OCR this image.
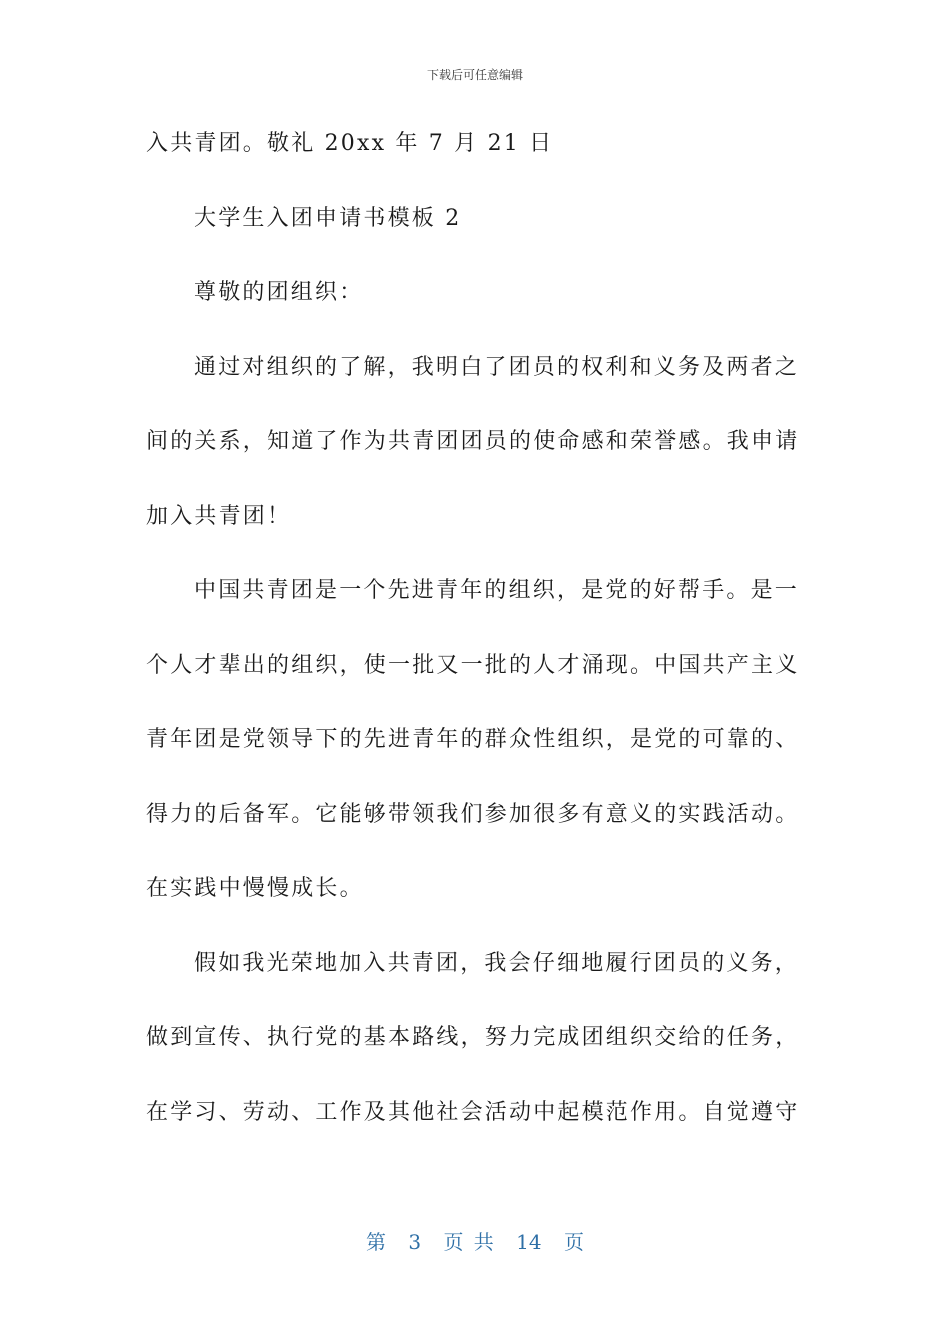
下载后可任意编辑
入共青团。敬礼 20xx 年 7 月 21 日
大学生入团申请书模板 2
尊敬的团组织：
通过对组织的了解，我明白了团员的权利和义务及两者之
间的关系，知道了作为共青团团员的使命感和荣誉感。我申请
加入共青团！
中国共青团是一个先进青年的组织，是党的好帮手。是一
个人才辈出的组织，使一批又一批的人才涌现。中国共产主义
青年团是党领导下的先进青年的群众性组织，是党的可靠的、
得力的后备军。它能够带领我们参加很多有意义的实践活动。
在实践中慢慢成长。
假如我光荣地加入共青团，我会仔细地履行团员的义务，
做到宣传、执行党的基本路线，努力完成团组织交给的任务，
在学习、劳动、工作及其他社会活动中起模范作用。自觉遵守
第 3 页 共 14 页
